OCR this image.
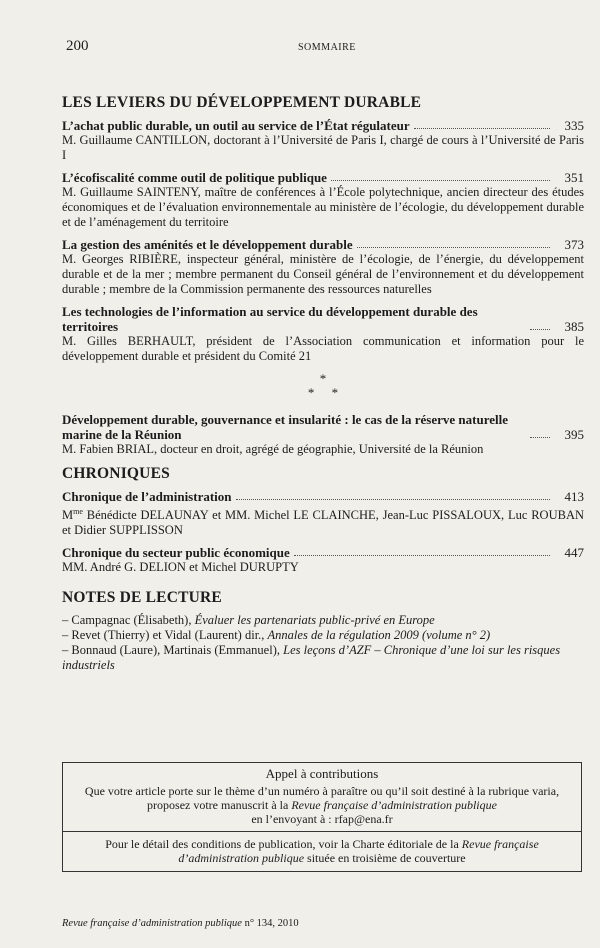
200	SOMMAIRE
LES LEVIERS DU DÉVELOPPEMENT DURABLE
L’achat public durable, un outil au service de l’État régulateur	335
M. Guillaume CANTILLON, doctorant à l’Université de Paris I, chargé de cours à l’Université de Paris I
L’écofiscalité comme outil de politique publique	351
M. Guillaume SAINTENY, maître de conférences à l’École polytechnique, ancien directeur des études économiques et de l’évaluation environnementale au ministère de l’écologie, du développement durable et de l’aménagement du territoire
La gestion des aménités et le développement durable	373
M. Georges RIBIÈRE, inspecteur général, ministère de l’écologie, de l’énergie, du développement durable et de la mer ; membre permanent du Conseil général de l’environnement et du développement durable ; membre de la Commission permanente des ressources naturelles
Les technologies de l’information au service du développement durable des territoires	385
M. Gilles BERHAULT, président de l’Association communication et information pour le développement durable et président du Comité 21
*
* *
Développement durable, gouvernance et insularité : le cas de la réserve naturelle marine de la Réunion	395
M. Fabien BRIAL, docteur en droit, agrégé de géographie, Université de la Réunion
CHRONIQUES
Chronique de l’administration	413
$M^{me}$ Bénédicte DELAUNAY et MM. Michel LE CLAINCHE, Jean-Luc PISSALOUX, Luc ROUBAN et Didier SUPPLISSON
Chronique du secteur public économique	447
MM. André G. DELION et Michel DURUPTY
NOTES DE LECTURE
– Campagnac (Élisabeth), Évaluer les partenariats public-privé en Europe
– Revet (Thierry) et Vidal (Laurent) dir., Annales de la régulation 2009 (volume n° 2)
– Bonnaud (Laure), Martinais (Emmanuel), Les leçons d’AZF – Chronique d’une loi sur les risques industriels
Appel à contributions
Que votre article porte sur le thème d’un numéro à paraître ou qu’il soit destiné à la rubrique varia, proposez votre manuscrit à la Revue française d’administration publique
en l’envoyant à : rfap@ena.fr
Pour le détail des conditions de publication, voir la Charte éditoriale de la Revue française d’administration publique située en troisième de couverture
Revue française d’administration publique n° 134, 2010
